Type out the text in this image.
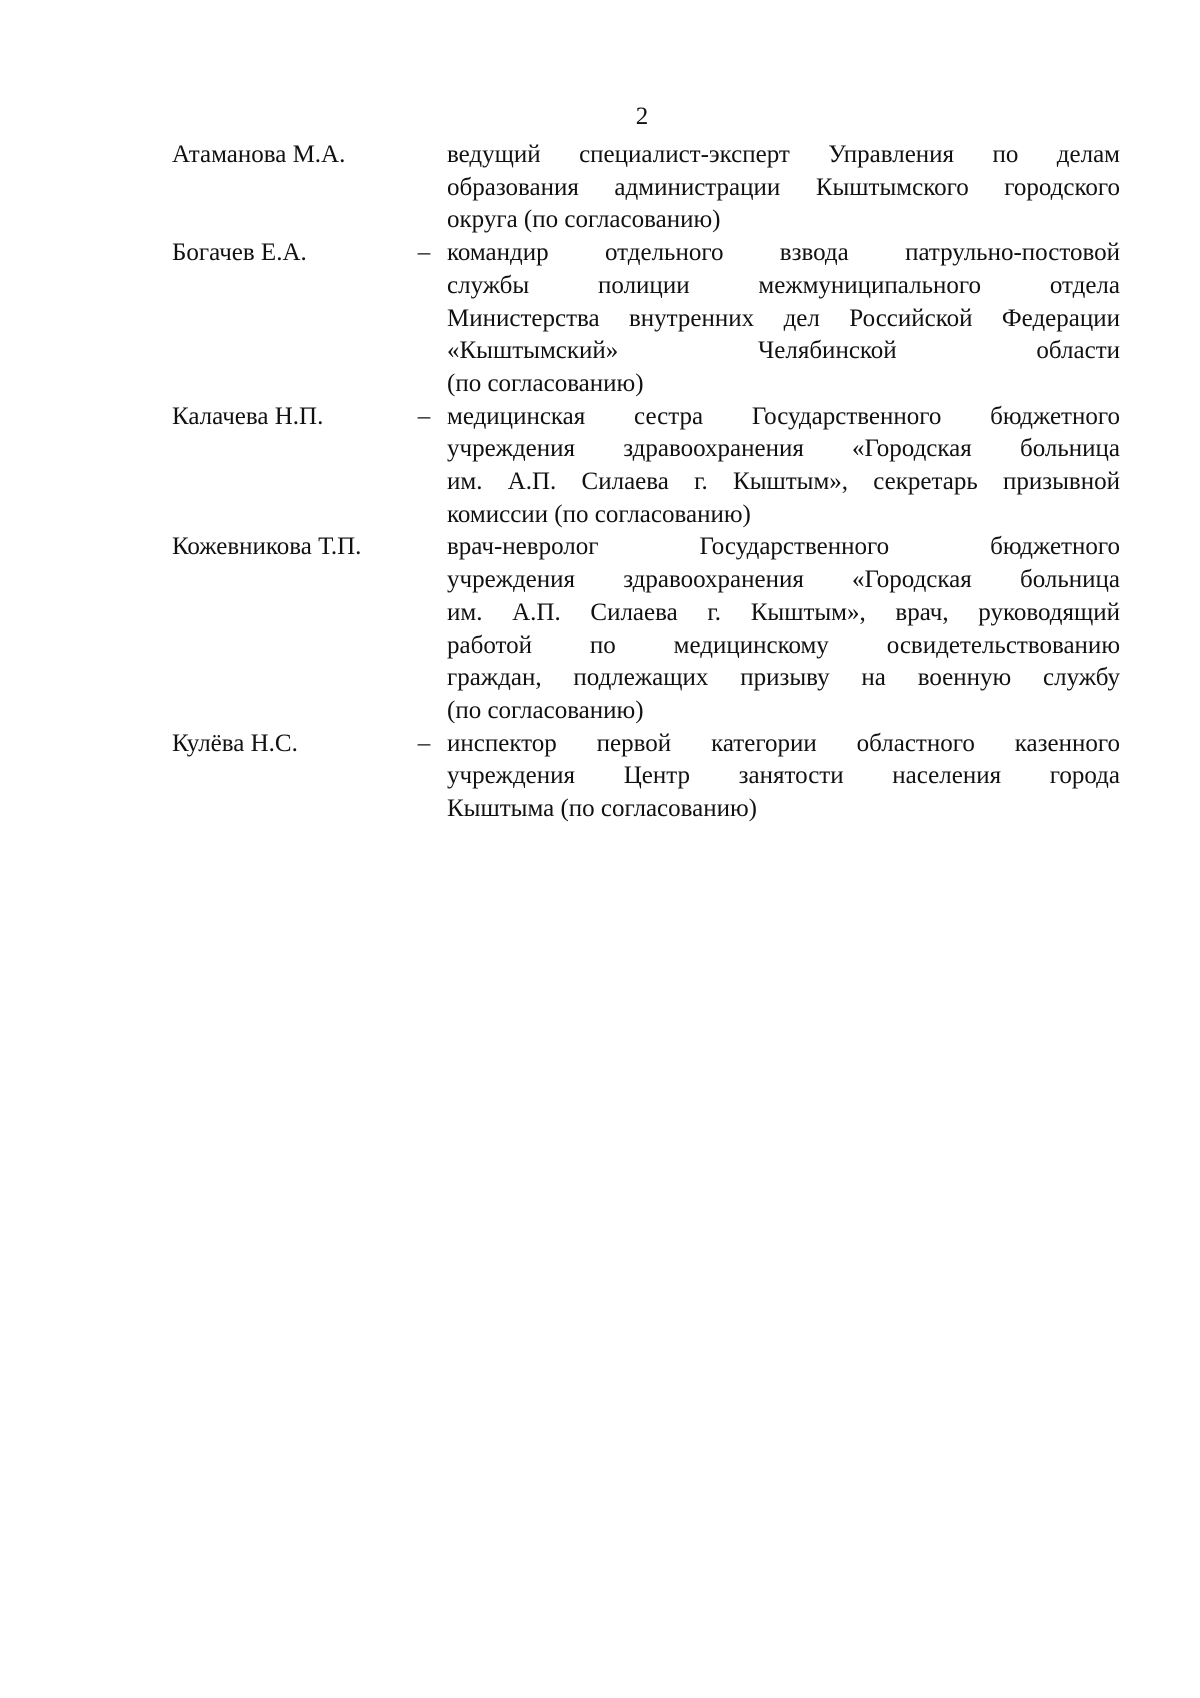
2
Атаманова М.А.	ведущий специалист-эксперт Управления по делам
образования администрации Кыштымского городского
округа (по согласованию)
Богачев Е.А.	– командир отдельного взвода патрульно-постовой
службы полиции межмуниципального отдела
Министерства внутренних дел Российской Федерации
«Кыштымский» Челябинской области
(по согласованию)
Калачева Н.П.	– медицинская сестра Государственного бюджетного
учреждения здравоохранения «Городская больница
им. А.П. Силаева г. Кыштым», секретарь призывной
комиссии (по согласованию)
Кожевникова Т.П.	врач-невролог Государственного бюджетного
учреждения здравоохранения «Городская больница
им. А.П. Силаева г. Кыштым», врач, руководящий
работой по медицинскому освидетельствованию
граждан, подлежащих призыву на военную службу
(по согласованию)
Кулёва Н.С.	– инспектор первой категории областного казенного
учреждения Центр занятости населения города
Кыштыма (по согласованию)
